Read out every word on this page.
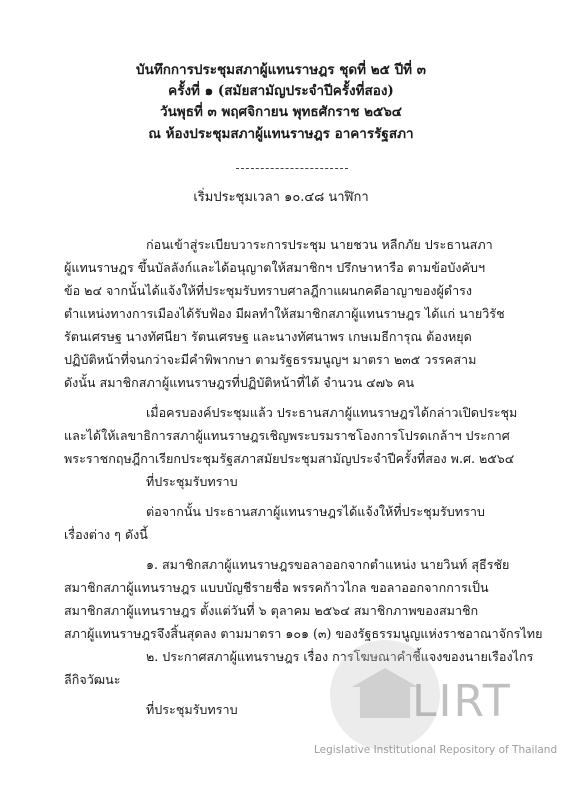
บันทึกการประชุมสภาผู้แทนราษฎร ชุดที่ ๒๕ ปีที่ ๓
ครั้งที่ ๑ (สมัยสามัญประจำปีครั้งที่สอง)
วันพุธที่ ๓ พฤศจิกายน พุทธศักราช ๒๕๖๔
ณ ห้องประชุมสภาผู้แทนราษฎร อาคารรัฐสภา
เริ่มประชุมเวลา ๑๐.๔๘ นาฬิกา
ก่อนเข้าสู่ระเบียบวาระการประชุม นายชวน หลีกภัย ประธานสภา
ผู้แทนราษฎร ขึ้นบัลลังก์และได้อนุญาตให้สมาชิกฯ ปรึกษาหารือ ตามข้อบังคับฯ
ข้อ ๒๔ จากนั้นได้แจ้งให้ที่ประชุมรับทราบศาลฎีกาแผนกคดีอาญาของผู้ดำรง
ตำแหน่งทางการเมืองได้รับฟ้อง มีผลทำให้สมาชิกสภาผู้แทนราษฎร ได้แก่ นายวิรัช
รัตนเศรษฐ นางทัศนียา รัตนเศรษฐ และนางทัศนาพร เกษเมธีการุณ ต้องหยุด
ปฏิบัติหน้าที่จนกว่าจะมีคำพิพากษา ตามรัฐธรรมนูญฯ มาตรา ๒๓๕ วรรคสาม
ดังนั้น สมาชิกสภาผู้แทนราษฎรที่ปฏิบัติหน้าที่ได้ จำนวน ๔๗๖ คน
เมื่อครบองค์ประชุมแล้ว ประธานสภาผู้แทนราษฎรได้กล่าวเปิดประชุม
และได้ให้เลขาธิการสภาผู้แทนราษฎรเชิญพระบรมราชโองการโปรดเกล้าฯ ประกาศ
พระราชกฤษฎีกาเรียกประชุมรัฐสภาสมัยประชุมสามัญประจำปีครั้งที่สอง พ.ศ. ๒๕๖๔
ที่ประชุมรับทราบ
ต่อจากนั้น ประธานสภาผู้แทนราษฎรได้แจ้งให้ที่ประชุมรับทราบ
เรื่องต่าง ๆ ดังนี้
๑. สมาชิกสภาผู้แทนราษฎรขอลาออกจากตำแหน่ง นายวินท์ สุธีรชัย
สมาชิกสภาผู้แทนราษฎร แบบบัญชีรายชื่อ พรรคก้าวไกล ขอลาออกจากการเป็น
สมาชิกสภาผู้แทนราษฎร ตั้งแต่วันที่ ๖ ตุลาคม ๒๕๖๔ สมาชิกภาพของสมาชิก
สภาผู้แทนราษฎรจึงสิ้นสุดลง ตามมาตรา ๑๐๑ (๓) ของรัฐธรรมนูญแห่งราชอาณาจักรไทย
๒. ประกาศสภาผู้แทนราษฎร เรื่อง การโฆษณาคำชี้แจงของนายเรืองไกร
ลีกิจวัฒนะ
ที่ประชุมรับทราบ	LIRT
Legislative Institutional Repository of Thailand
